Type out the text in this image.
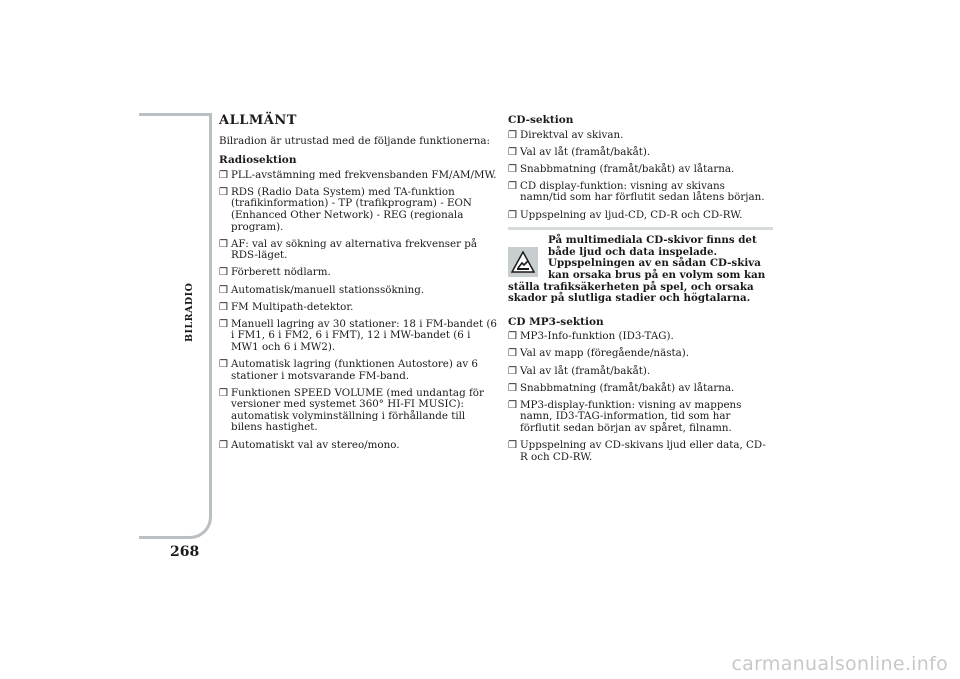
BILRADIO
268
ALLMÄNT

Bilradion är utrustad med de följande funktionerna:

Radiosektion
❒ PLL-avstämning med frekvensbanden FM/AM/MW.
❒ RDS (Radio Data System) med TA-funktion (trafikinformation) - TP (trafikprogram) - EON (Enhanced Other Network) - REG (regionala program).
❒ AF: val av sökning av alternativa frekvenser på RDS-läget.
❒ Förberett nödlarm.
❒ Automatisk/manuell stationssökning.
❒ FM Multipath-detektor.
❒ Manuell lagring av 30 stationer: 18 i FM-bandet (6 i FM1, 6 i FM2, 6 i FMT), 12 i MW-bandet (6 i MW1 och 6 i MW2).
❒ Automatisk lagring (funktionen Autostore) av 6 stationer i motsvarande FM-band.
❒ Funktionen SPEED VOLUME (med undantag för versioner med systemet 360° HI-FI MUSIC): automatisk volyminställning i förhållande till bilens hastighet.
❒ Automatiskt val av stereo/mono.
CD-sektion
❒ Direktval av skivan.
❒ Val av låt (framåt/bakåt).
❒ Snabbmatning (framåt/bakåt) av låtarna.
❒ CD display-funktion: visning av skivans namn/tid som har förflutit sedan låtens början.
❒ Uppspelning av ljud-CD, CD-R och CD-RW.
På multimediala CD-skivor finns det både ljud och data inspelade. Uppspelningen av en sådan CD-skiva kan orsaka brus på en volym som kan ställa trafiksäkerheten på spel, och orsaka skador på slutliga stadier och högtalarna.
CD MP3-sektion
❒ MP3-Info-funktion (ID3-TAG).
❒ Val av mapp (föregående/nästa).
❒ Val av låt (framåt/bakåt).
❒ Snabbmatning (framåt/bakåt) av låtarna.
❒ MP3-display-funktion: visning av mappens namn, ID3-TAG-information, tid som har förflutit sedan början av spåret, filnamn.
❒ Uppspelning av CD-skivans ljud eller data, CD-R och CD-RW.
carmanualsonline.info
